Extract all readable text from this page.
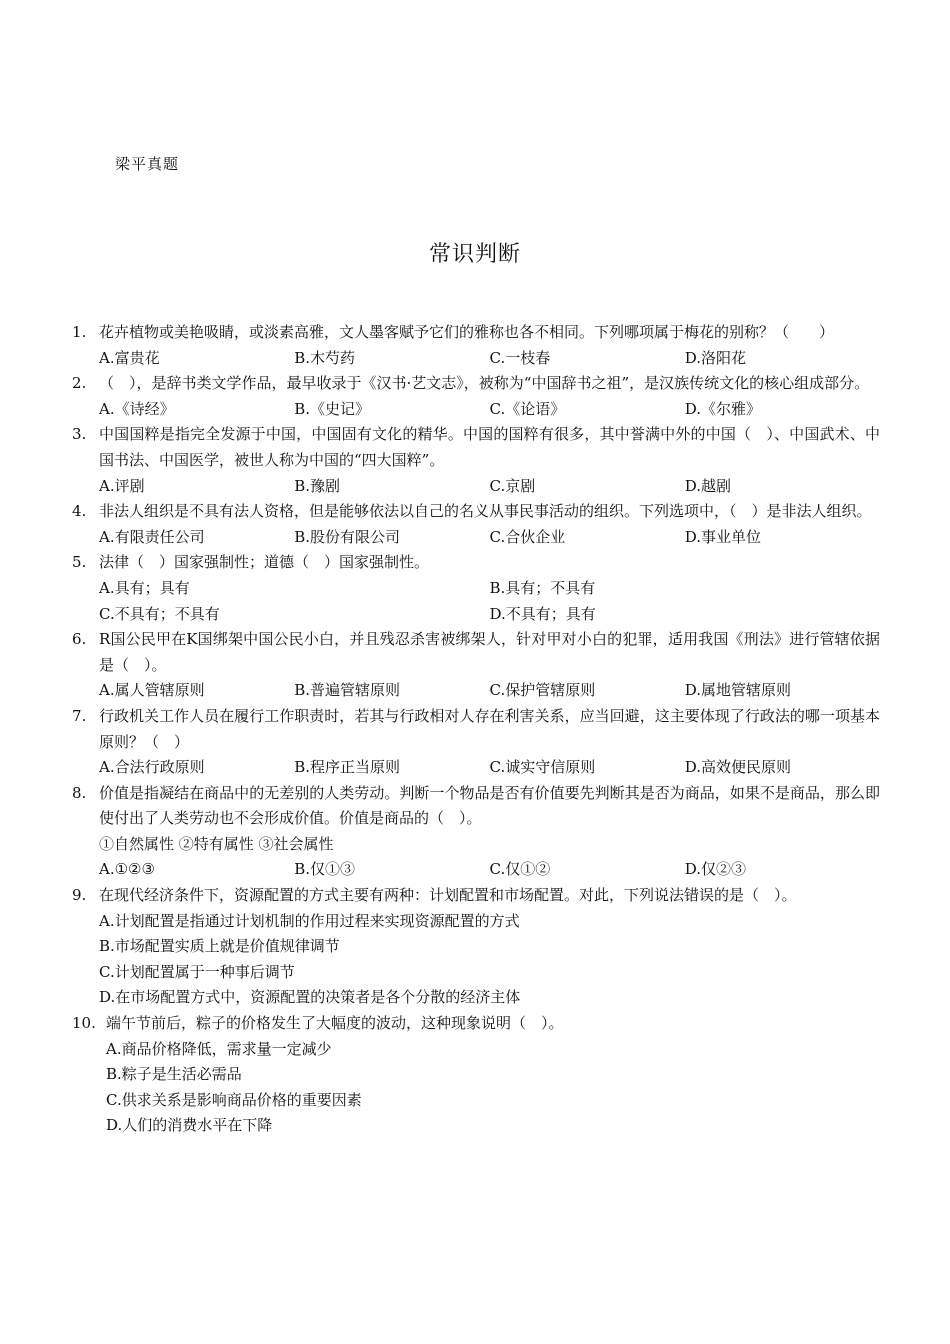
梁平真题
常识判断
1. 花卉植物或美艳吸睛，或淡素高雅，文人墨客赋予它们的雅称也各不相同。下列哪项属于梅花的别称？（　　）
A.富贵花	B.木芍药	C.一枝春	D.洛阳花
2. （　），是辞书类文学作品，最早收录于《汉书·艺文志》，被称为“中国辞书之祖”，是汉族传统文化的核心组成部分。
A.《诗经》	B.《史记》	C.《论语》	D.《尔雅》
3. 中国国粹是指完全发源于中国，中国固有文化的精华。中国的国粹有很多，其中誉满中外的中国（　）、中国武术、中国书法、中国医学，被世人称为中国的“四大国粹”。
A.评剧	B.豫剧	C.京剧	D.越剧
4. 非法人组织是不具有法人资格，但是能够依法以自己的名义从事民事活动的组织。下列选项中，（　）是非法人组织。
A.有限责任公司	B.股份有限公司	C.合伙企业	D.事业单位
5. 法律（　）国家强制性；道德（　）国家强制性。
A.具有；具有	B.具有；不具有
C.不具有；不具有	D.不具有；具有
6. R国公民甲在K国绑架中国公民小白，并且残忍杀害被绑架人，针对甲对小白的犯罪，适用我国《刑法》进行管辖依据是（　）。
A.属人管辖原则	B.普遍管辖原则	C.保护管辖原则	D.属地管辖原则
7. 行政机关工作人员在履行工作职责时，若其与行政相对人存在利害关系，应当回避，这主要体现了行政法的哪一项基本原则？（　）
A.合法行政原则	B.程序正当原则	C.诚实守信原则	D.高效便民原则
8. 价值是指凝结在商品中的无差别的人类劳动。判断一个物品是否有价值要先判断其是否为商品，如果不是商品，那么即使付出了人类劳动也不会形成价值。价值是商品的（　）。
①自然属性 ②特有属性 ③社会属性
A.①②③	B.仅①③	C.仅①②	D.仅②③
9. 在现代经济条件下，资源配置的方式主要有两种：计划配置和市场配置。对此，下列说法错误的是（　）。
A.计划配置是指通过计划机制的作用过程来实现资源配置的方式
B.市场配置实质上就是价值规律调节
C.计划配置属于一种事后调节
D.在市场配置方式中，资源配置的决策者是各个分散的经济主体
10. 端午节前后，粽子的价格发生了大幅度的波动，这种现象说明（　）。
A.商品价格降低，需求量一定减少
B.粽子是生活必需品
C.供求关系是影响商品价格的重要因素
D.人们的消费水平在下降
